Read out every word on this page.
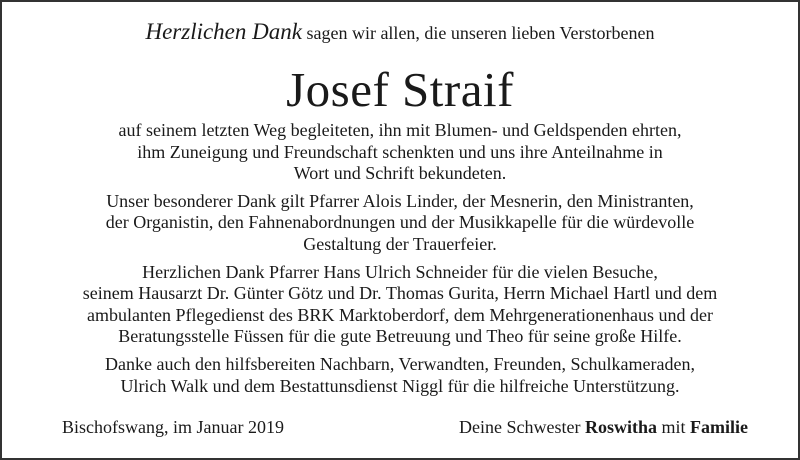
Herzlichen Dank sagen wir allen, die unseren lieben Verstorbenen
Josef Straif
auf seinem letzten Weg begleiteten, ihn mit Blumen- und Geldspenden ehrten,
ihm Zuneigung und Freundschaft schenkten und uns ihre Anteilnahme in
Wort und Schrift bekundeten.
Unser besonderer Dank gilt Pfarrer Alois Linder, der Mesnerin, den Ministranten,
der Organistin, den Fahnenabordnungen und der Musikkapelle für die würdevolle
Gestaltung der Trauerfeier.
Herzlichen Dank Pfarrer Hans Ulrich Schneider für die vielen Besuche,
seinem Hausarzt Dr. Günter Götz und Dr. Thomas Gurita, Herrn Michael Hartl und dem
ambulanten Pflegedienst des BRK Marktoberdorf, dem Mehrgenerationenhaus und der
Beratungsstelle Füssen für die gute Betreuung und Theo für seine große Hilfe.
Danke auch den hilfsbereiten Nachbarn, Verwandten, Freunden, Schulkameraden,
Ulrich Walk und dem Bestattunsdienst Niggl für die hilfreiche Unterstützung.
Bischofswang, im Januar 2019	Deine Schwester Roswitha mit Familie
